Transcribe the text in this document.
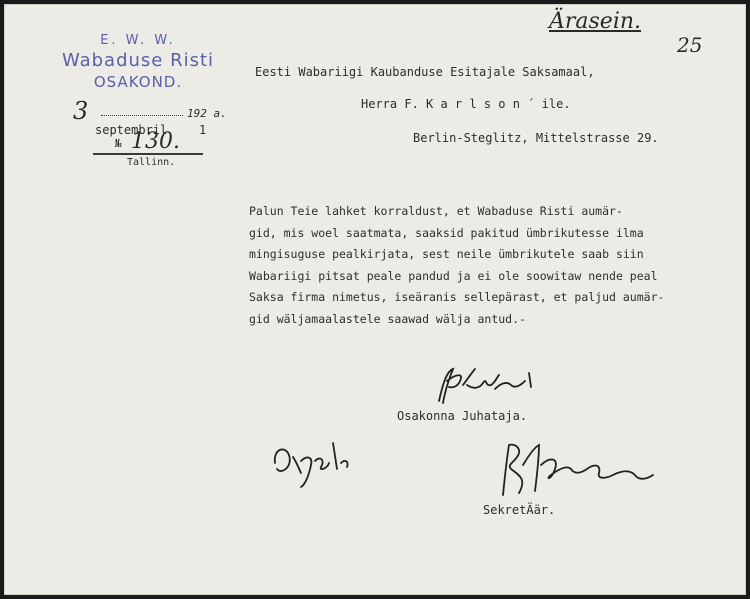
E. W. W.
Wabaduse Risti
OSAKOND.
3	192 a.
septembril	1
№ 130.
Tallinn.
Ärasein.
25
Eesti Wabariigi Kaubanduse Esitajale Saksamaal,
Herra F. K a r l s o n ´ ile.
Berlin-Steglitz, Mittelstrasse 29.
Palun Teie lahket korraldust, et Wabaduse Risti aumär-
gid, mis woel saatmata, saaksid pakitud ümbrikutesse ilma
mingisuguse pealkirjata, sest neile ümbrikutele saab siin
Wabariigi pitsat peale pandud ja ei ole soowitaw nende peal
Saksa firma nimetus, iseäranis sellepärast, et paljud aumär-
gid wäljamaalastele saawad wälja antud.-
Osakonna Juhataja.
SekretÄär.
